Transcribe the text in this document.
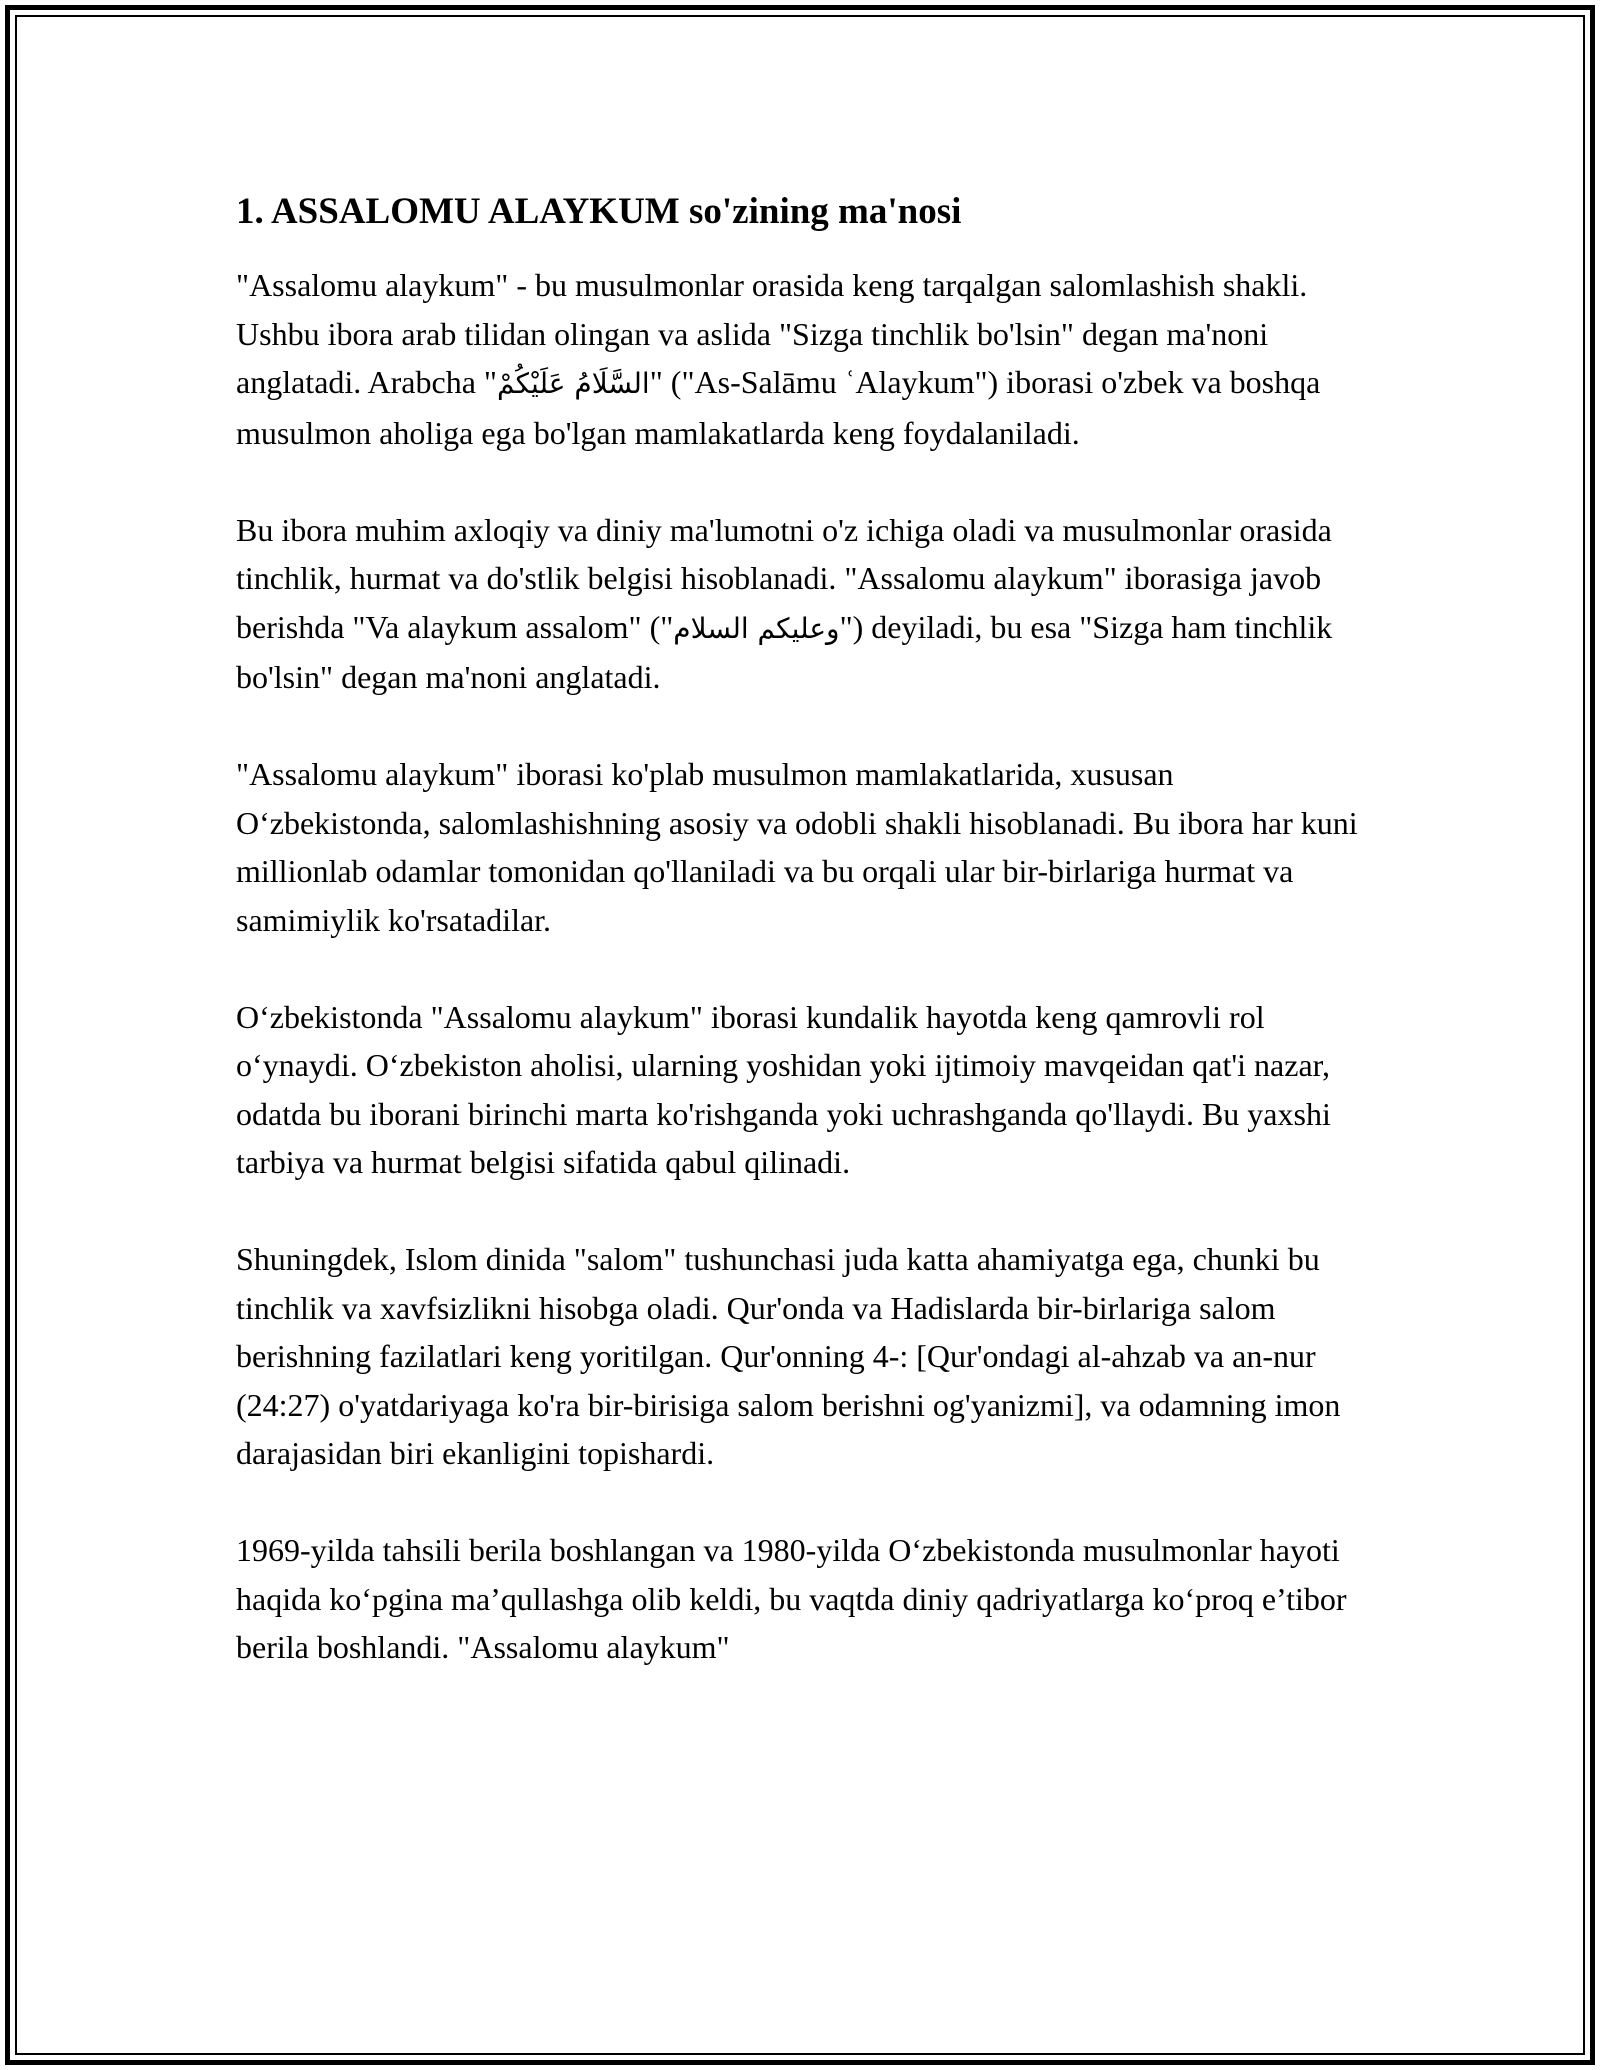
1. ASSALOMU ALAYKUM so'zining ma'nosi

"Assalomu alaykum" - bu musulmonlar orasida keng tarqalgan salomlashish shakli. Ushbu ibora arab tilidan olingan va aslida "Sizga tinchlik bo'lsin" degan ma'noni anglatadi. Arabcha "السَّلَامُ عَلَيْكُمْ" ("As-Salāmu ʿAlaykum") iborasi o'zbek va boshqa musulmon aholiga ega bo'lgan mamlakatlarda keng foydalaniladi.

Bu ibora muhim axloqiy va diniy ma'lumotni o'z ichiga oladi va musulmonlar orasida tinchlik, hurmat va do'stlik belgisi hisoblanadi. "Assalomu alaykum" iborasiga javob berishda "Va alaykum assalom" ("وعليكم السلام") deyiladi, bu esa "Sizga ham tinchlik bo'lsin" degan ma'noni anglatadi.

"Assalomu alaykum" iborasi ko'plab musulmon mamlakatlarida, xususan O‘zbekistonda, salomlashishning asosiy va odobli shakli hisoblanadi. Bu ibora har kuni millionlab odamlar tomonidan qo'llaniladi va bu orqali ular bir-birlariga hurmat va samimiylik ko'rsatadilar.

O‘zbekistonda "Assalomu alaykum" iborasi kundalik hayotda keng qamrovli rol o‘ynaydi. O‘zbekiston aholisi, ularning yoshidan yoki ijtimoiy mavqeidan qat'i nazar, odatda bu iborani birinchi marta ko'rishganda yoki uchrashganda qo'llaydi. Bu yaxshi tarbiya va hurmat belgisi sifatida qabul qilinadi.

Shuningdek, Islom dinida "salom" tushunchasi juda katta ahamiyatga ega, chunki bu tinchlik va xavfsizlikni hisobga oladi. Qur'onda va Hadislarda bir-birlariga salom berishning fazilatlari keng yoritilgan. Qur'onning 4-: [Qur'ondagi al-ahzab va an-nur (24:27) o'yatdariyaga ko'ra bir-birisiga salom berishni og'yanizmi], va odamning imon darajasidan biri ekanligini topishardi.

1969-yilda tahsili berila boshlangan va 1980-yilda O‘zbekistonda musulmonlar hayoti haqida ko‘pgina ma’qullashga olib keldi, bu vaqtda diniy qadriyatlarga ko‘proq e’tibor berila boshlandi. "Assalomu alaykum"
